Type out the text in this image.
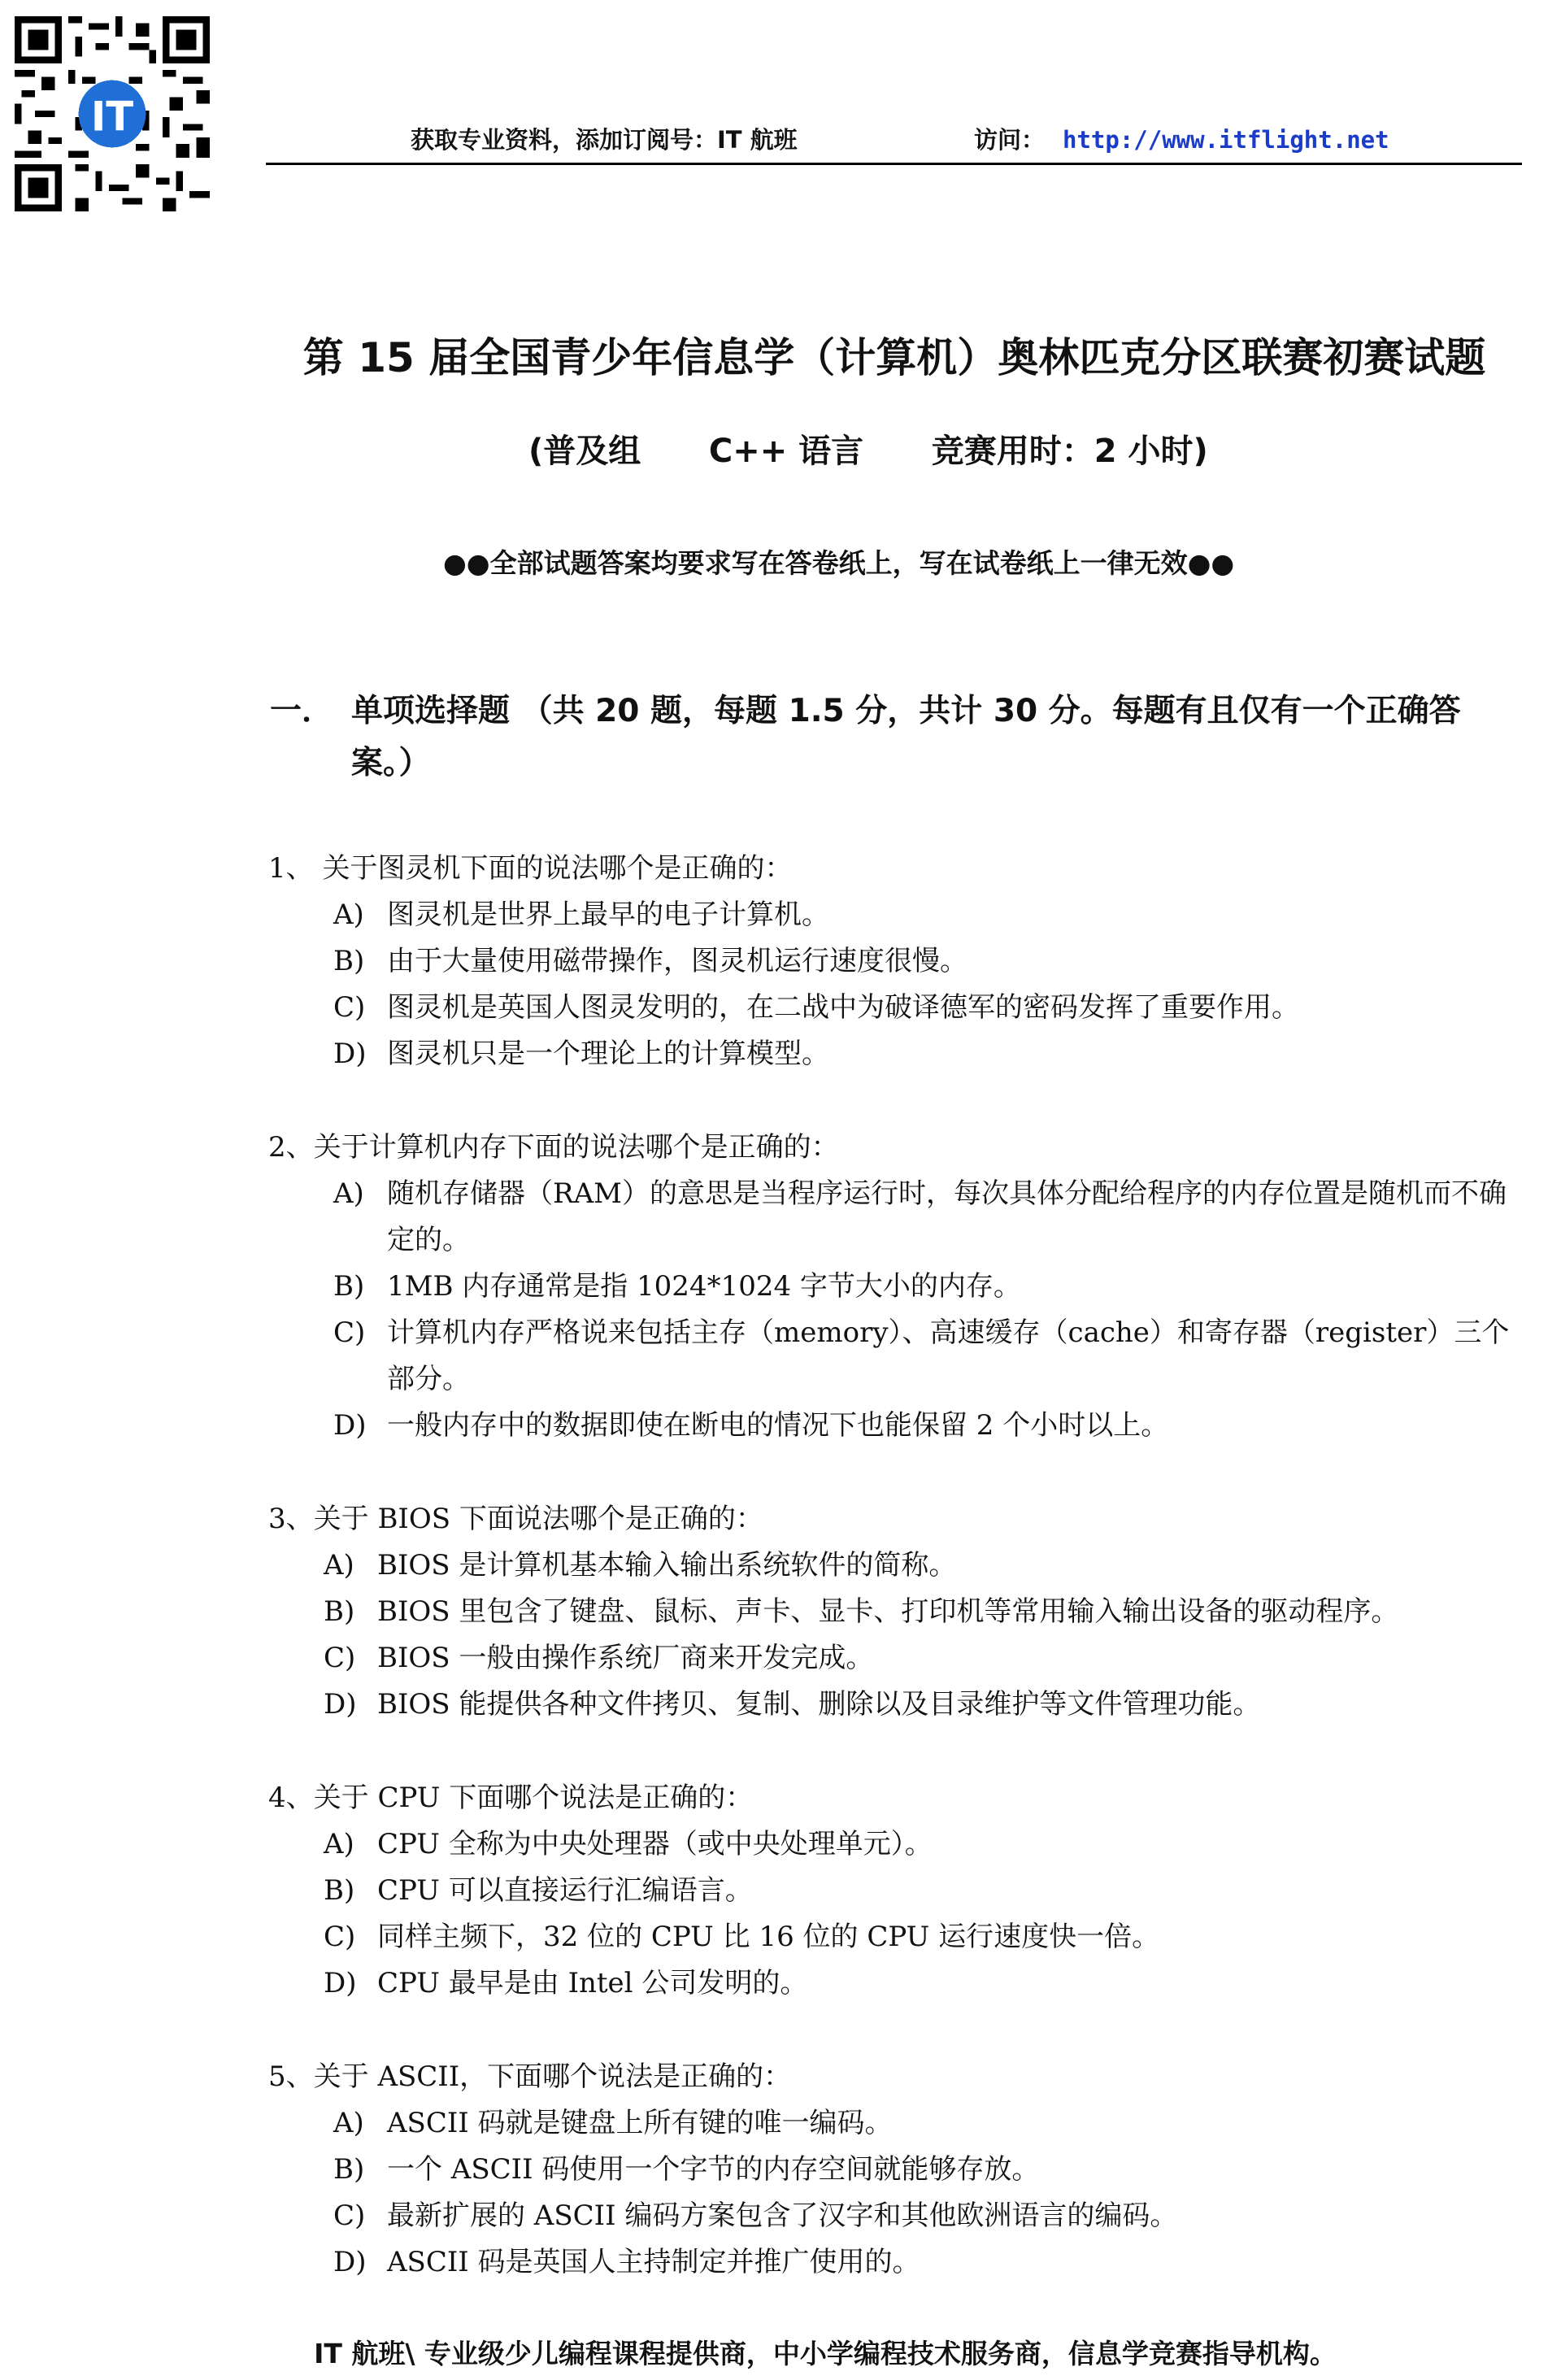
IT	获取专业资料，添加订阅号：IT 航班	访问： http://www.itflight.net
第 15 届全国青少年信息学（计算机）奥林匹克分区联赛初赛试题
(普及组      C++ 语言      竞赛用时：2 小时)
●●全部试题答案均要求写在答卷纸上，写在试卷纸上一律无效●●
一． 单项选择题 （共 20 题，每题 1.5 分，共计 30 分。每题有且仅有一个正确答案。）
1、 关于图灵机下面的说法哪个是正确的：
A) 图灵机是世界上最早的电子计算机。
B) 由于大量使用磁带操作，图灵机运行速度很慢。
C) 图灵机是英国人图灵发明的，在二战中为破译德军的密码发挥了重要作用。
D) 图灵机只是一个理论上的计算模型。
2、关于计算机内存下面的说法哪个是正确的：
A) 随机存储器（RAM）的意思是当程序运行时，每次具体分配给程序的内存位置是随机而不确定的。
B) 1MB 内存通常是指 1024*1024 字节大小的内存。
C) 计算机内存严格说来包括主存（memory）、高速缓存（cache）和寄存器（register）三个部分。
D) 一般内存中的数据即使在断电的情况下也能保留 2 个小时以上。
3、关于 BIOS 下面说法哪个是正确的：
A) BIOS 是计算机基本输入输出系统软件的简称。
B) BIOS 里包含了键盘、鼠标、声卡、显卡、打印机等常用输入输出设备的驱动程序。
C) BIOS 一般由操作系统厂商来开发完成。
D) BIOS 能提供各种文件拷贝、复制、删除以及目录维护等文件管理功能。
4、关于 CPU 下面哪个说法是正确的：
A) CPU 全称为中央处理器（或中央处理单元）。
B) CPU 可以直接运行汇编语言。
C) 同样主频下，32 位的 CPU 比 16 位的 CPU 运行速度快一倍。
D) CPU 最早是由 Intel 公司发明的。
5、关于 ASCII，下面哪个说法是正确的：
A) ASCII 码就是键盘上所有键的唯一编码。
B) 一个 ASCII 码使用一个字节的内存空间就能够存放。
C) 最新扩展的 ASCII 编码方案包含了汉字和其他欧洲语言的编码。
D) ASCII 码是英国人主持制定并推广使用的。
IT 航班\ 专业级少儿编程课程提供商，中小学编程技术服务商，信息学竞赛指导机构。
